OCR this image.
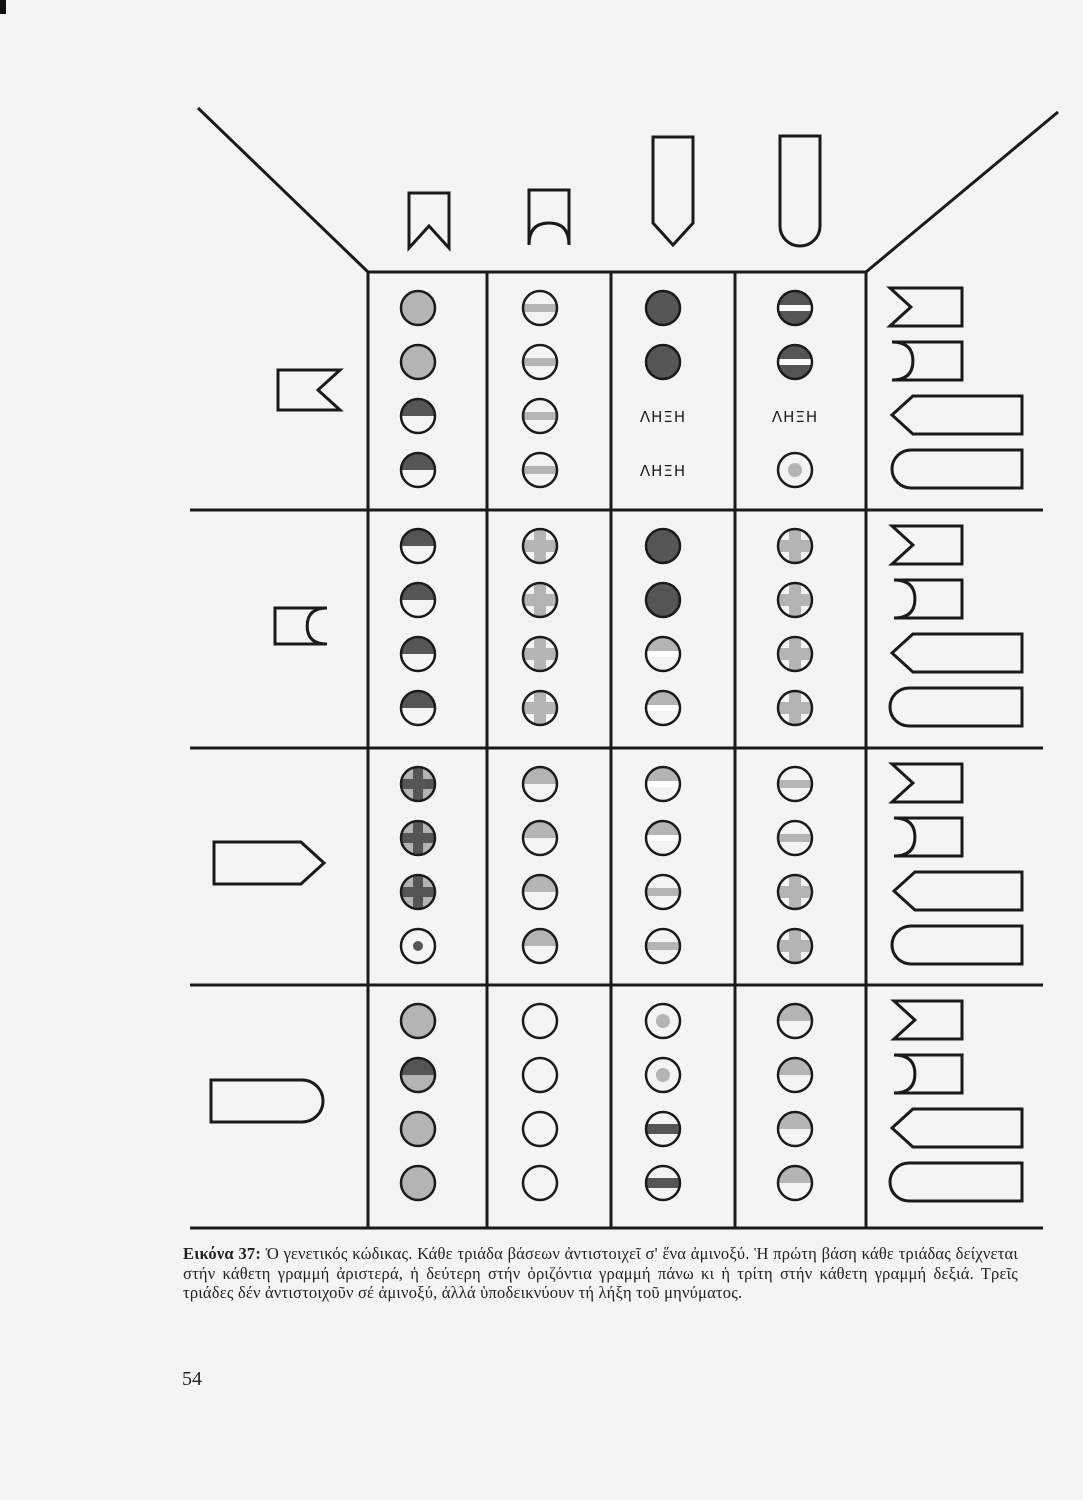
ΛΗΞΗ
ΛΗΞΗ
ΛΗΞΗ
Εικόνα 37: Ὁ γενετικός κώδικας. Κάθε τριάδα βάσεων ἀντιστοιχεῖ σ' ἕνα ἀμινοξύ. Ἡ πρώτη βάση κάθε τριάδας δείχνεται στήν κάθετη γραμμή ἀριστερά, ἡ δεύτερη στήν ὁριζόντια γραμμή πάνω κι ἡ τρίτη στήν κάθετη γραμμή δεξιά. Τρεῖς τριάδες δέν ἀντιστοιχοῦν σέ ἀμινοξύ, ἀλλά ὑποδεικνύουν τή λήξη τοῦ μηνύματος.
54
